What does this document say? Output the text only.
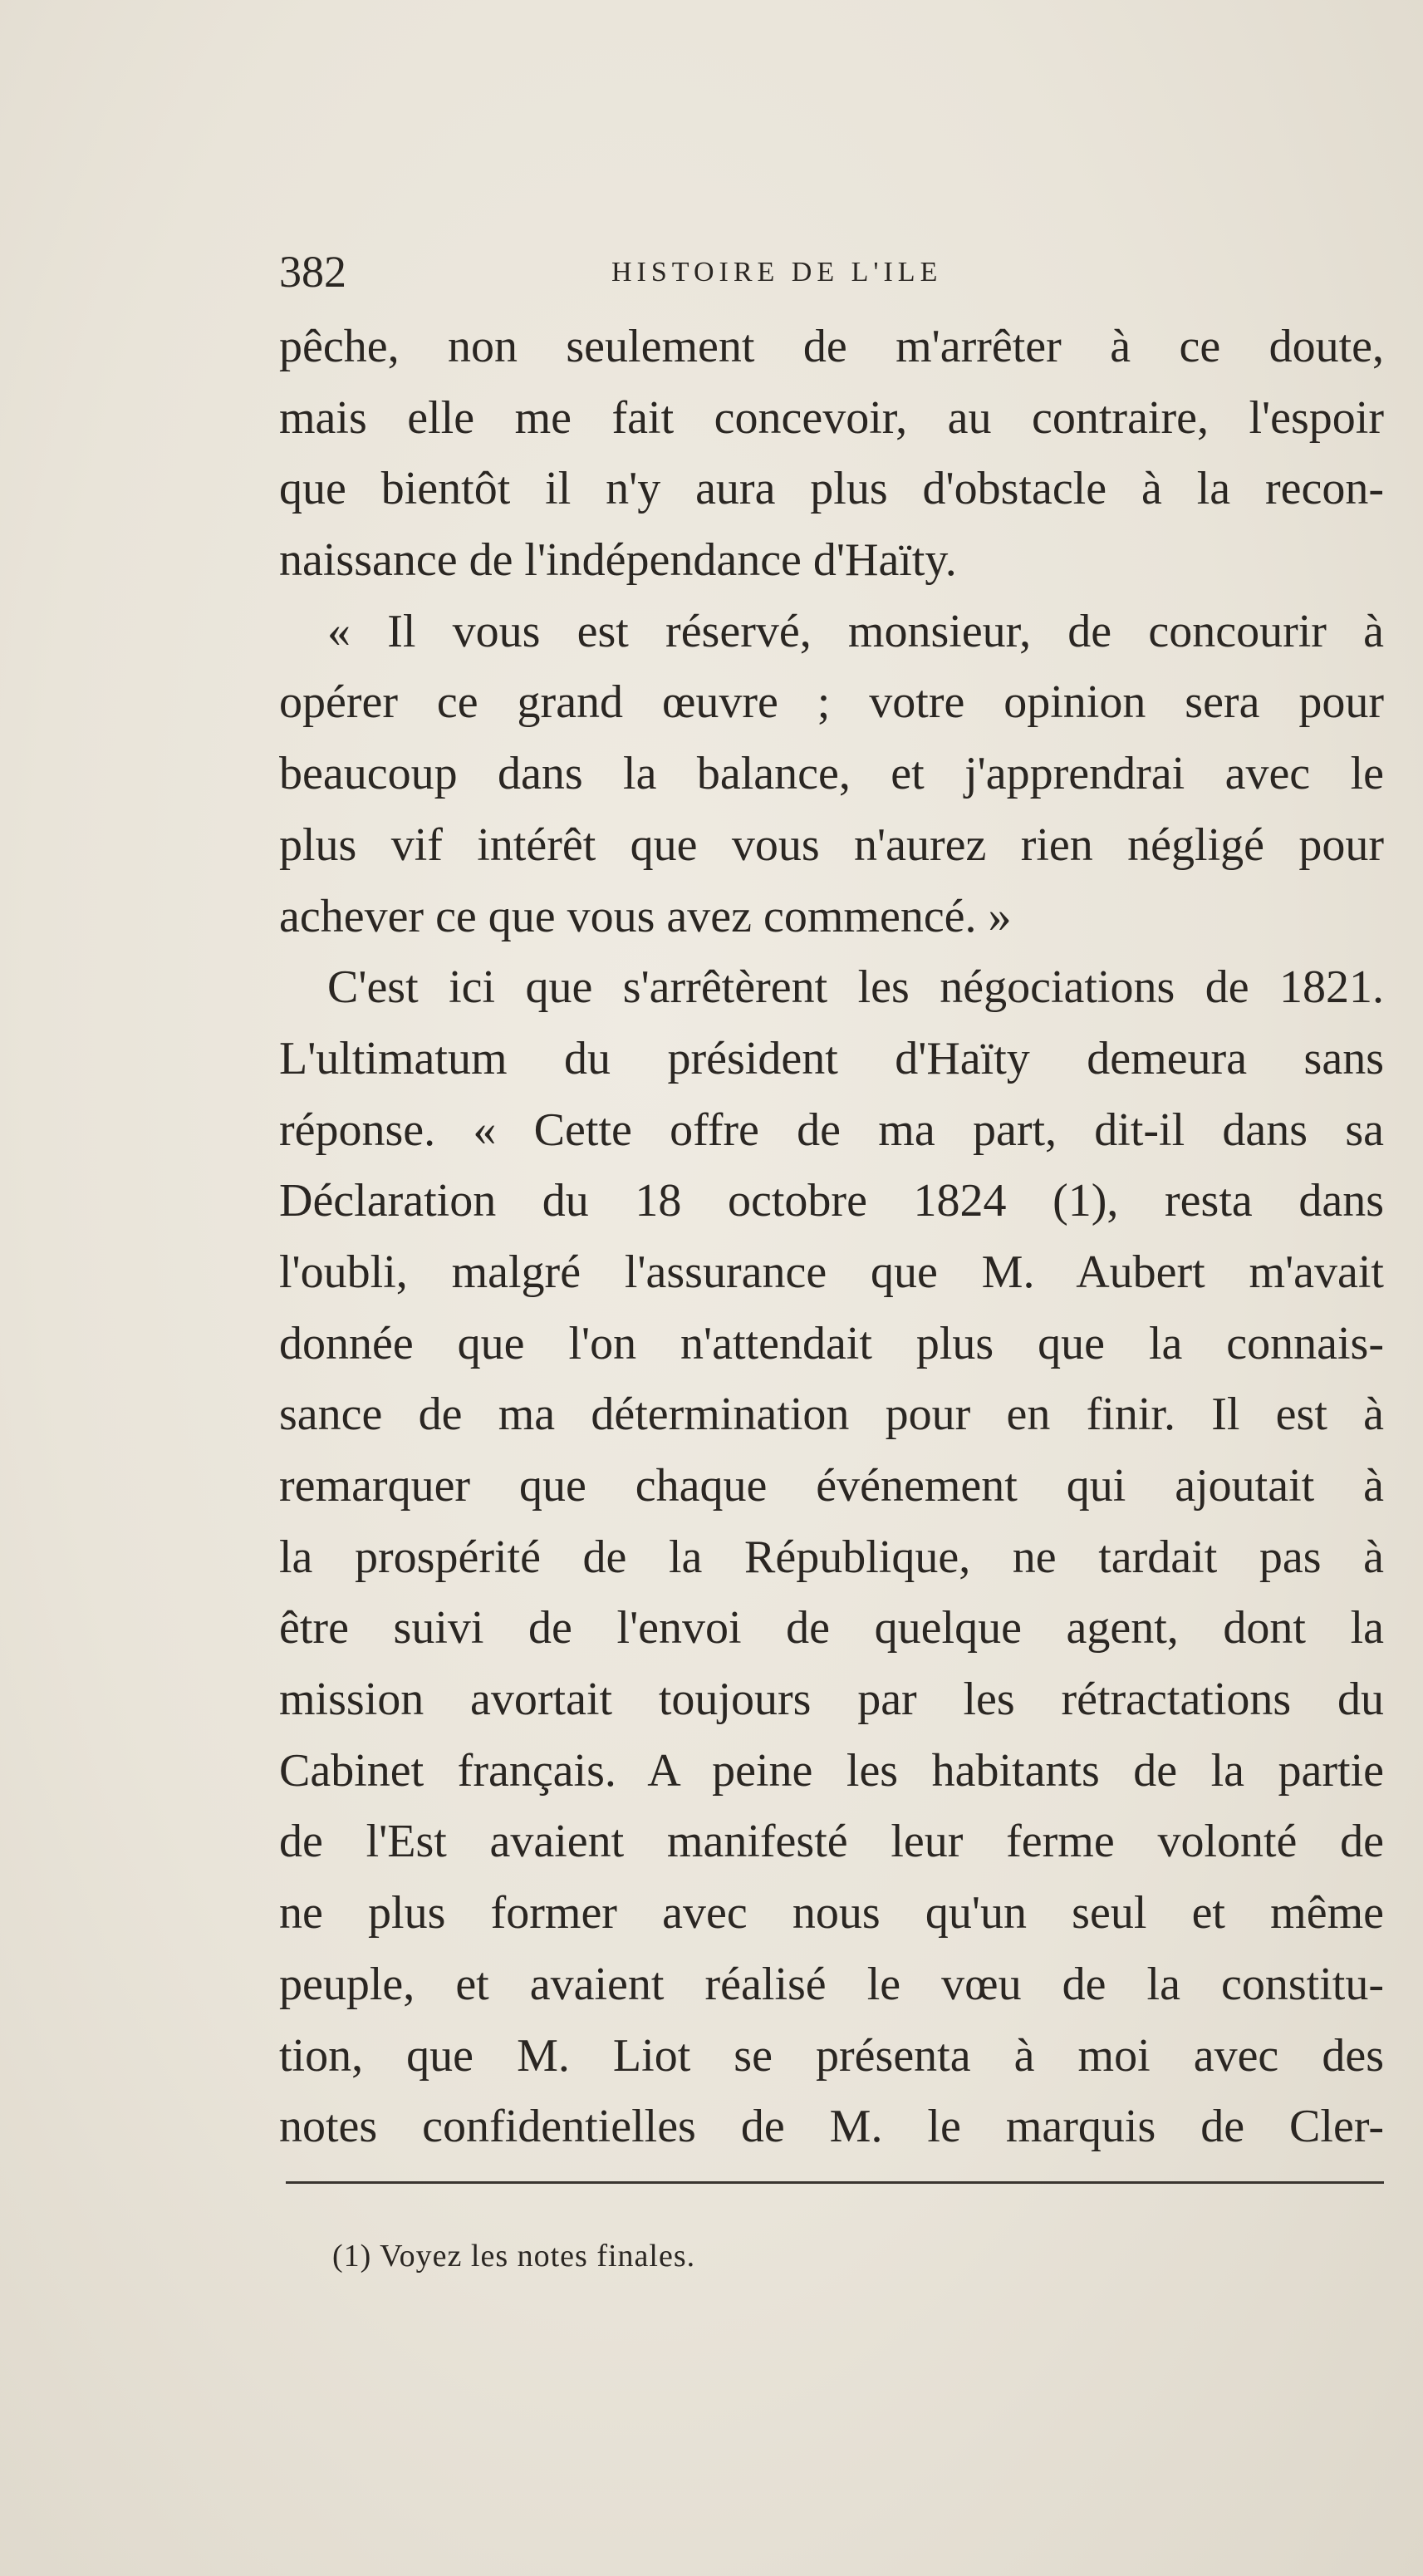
382	HISTOIRE DE L'ILE
pêche, non seulement de m'arrêter à ce doute,
mais elle me fait concevoir, au contraire, l'espoir
que bientôt il n'y aura plus d'obstacle à la recon-
naissance de l'indépendance d'Haïty.
« Il vous est réservé, monsieur, de concourir à
opérer ce grand œuvre ; votre opinion sera pour
beaucoup dans la balance, et j'apprendrai avec le
plus vif intérêt que vous n'aurez rien négligé pour
achever ce que vous avez commencé. »
C'est ici que s'arrêtèrent les négociations de 1821.
L'ultimatum du président d'Haïty demeura sans
réponse. « Cette offre de ma part, dit-il dans sa
Déclaration du 18 octobre 1824 (1), resta dans
l'oubli, malgré l'assurance que M. Aubert m'avait
donnée que l'on n'attendait plus que la connais-
sance de ma détermination pour en finir. Il est à
remarquer que chaque événement qui ajoutait à
la prospérité de la République, ne tardait pas à
être suivi de l'envoi de quelque agent, dont la
mission avortait toujours par les rétractations du
Cabinet français. A peine les habitants de la partie
de l'Est avaient manifesté leur ferme volonté de
ne plus former avec nous qu'un seul et même
peuple, et avaient réalisé le vœu de la constitu-
tion, que M. Liot se présenta à moi avec des
notes confidentielles de M. le marquis de Cler-
(1) Voyez les notes finales.
